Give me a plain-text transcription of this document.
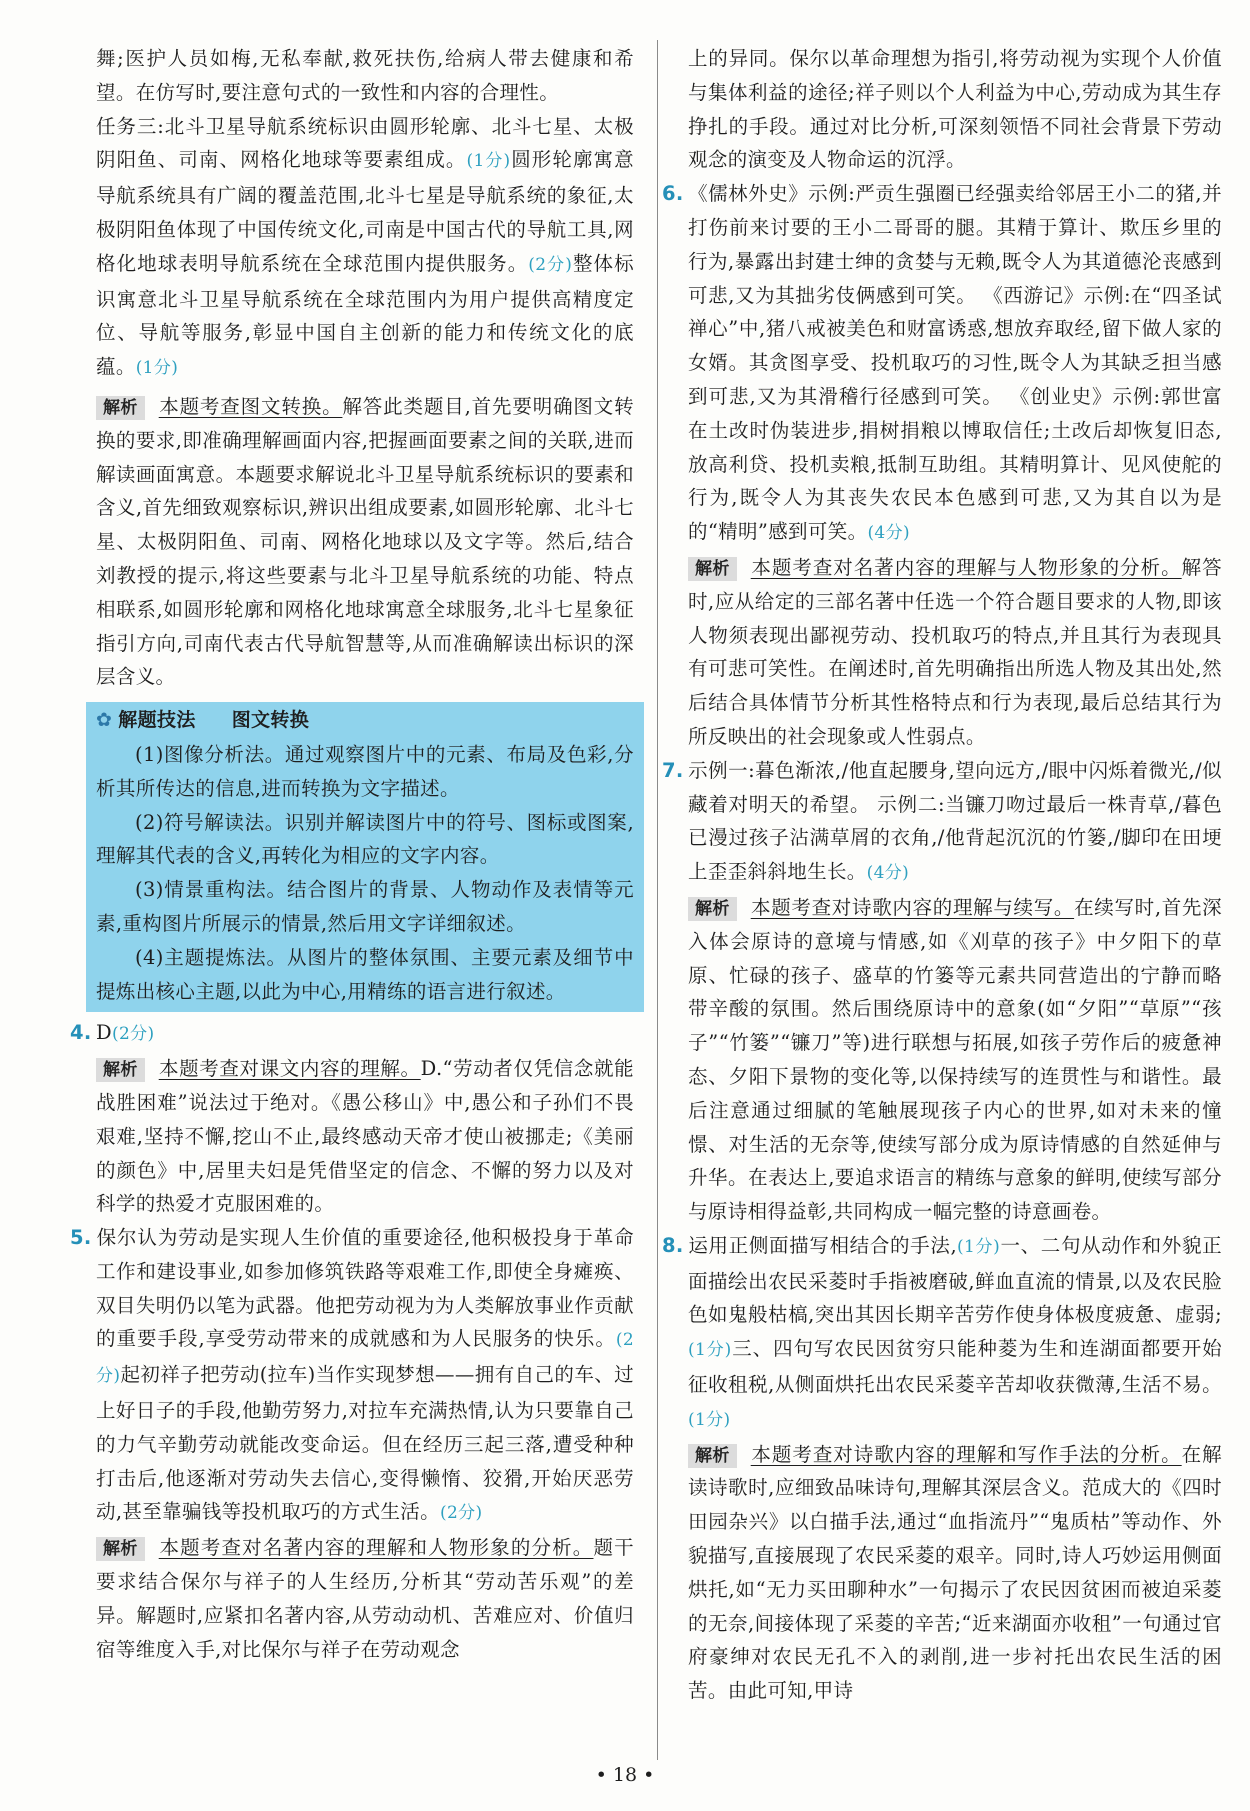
舞;医护人员如梅,无私奉献,救死扶伤,给病人带去健康和希望。在仿写时,要注意句式的一致性和内容的合理性。

任务三:北斗卫星导航系统标识由圆形轮廓、北斗七星、太极阴阳鱼、司南、网格化地球等要素组成。(1分)圆形轮廓寓意导航系统具有广阔的覆盖范围,北斗七星是导航系统的象征,太极阴阳鱼体现了中国传统文化,司南是中国古代的导航工具,网格化地球表明导航系统在全球范围内提供服务。(2分)整体标识寓意北斗卫星导航系统在全球范围内为用户提供高精度定位、导航等服务,彰显中国自主创新的能力和传统文化的底蕴。(1分)

解析 本题考查图文转换。解答此类题目,首先要明确图文转换的要求,即准确理解画面内容,把握画面要素之间的关联,进而解读画面寓意。本题要求解说北斗卫星导航系统标识的要素和含义,首先细致观察标识,辨识出组成要素,如圆形轮廓、北斗七星、太极阴阳鱼、司南、网格化地球以及文字等。然后,结合刘教授的提示,将这些要素与北斗卫星导航系统的功能、特点相联系,如圆形轮廓和网格化地球寓意全球服务,北斗七星象征指引方向,司南代表古代导航智慧等,从而准确解读出标识的深层含义。

✿ 解题技法 图文转换

(1)图像分析法。通过观察图片中的元素、布局及色彩,分析其所传达的信息,进而转换为文字描述。

(2)符号解读法。识别并解读图片中的符号、图标或图案,理解其代表的含义,再转化为相应的文字内容。

(3)情景重构法。结合图片的背景、人物动作及表情等元素,重构图片所展示的情景,然后用文字详细叙述。

(4)主题提炼法。从图片的整体氛围、主要元素及细节中提炼出核心主题,以此为中心,用精练的语言进行叙述。

4. D(2分)

解析 本题考查对课文内容的理解。D.“劳动者仅凭信念就能战胜困难”说法过于绝对。《愚公移山》中,愚公和子孙们不畏艰难,坚持不懈,挖山不止,最终感动天帝才使山被挪走;《美丽的颜色》中,居里夫妇是凭借坚定的信念、不懈的努力以及对科学的热爱才克服困难的。

5. 保尔认为劳动是实现人生价值的重要途径,他积极投身于革命工作和建设事业,如参加修筑铁路等艰难工作,即使全身瘫痪、双目失明仍以笔为武器。他把劳动视为为人类解放事业作贡献的重要手段,享受劳动带来的成就感和为人民服务的快乐。(2分)起初祥子把劳动(拉车)当作实现梦想——拥有自己的车、过上好日子的手段,他勤劳努力,对拉车充满热情,认为只要靠自己的力气辛勤劳动就能改变命运。但在经历三起三落,遭受种种打击后,他逐渐对劳动失去信心,变得懒惰、狡猾,开始厌恶劳动,甚至靠骗钱等投机取巧的方式生活。(2分)

解析 本题考查对名著内容的理解和人物形象的分析。题干要求结合保尔与祥子的人生经历,分析其“劳动苦乐观”的差异。解题时,应紧扣名著内容,从劳动动机、苦难应对、价值归宿等维度入手,对比保尔与祥子在劳动观念

上的异同。保尔以革命理想为指引,将劳动视为实现个人价值与集体利益的途径;祥子则以个人利益为中心,劳动成为其生存挣扎的手段。通过对比分析,可深刻领悟不同社会背景下劳动观念的演变及人物命运的沉浮。

6. 《儒林外史》示例:严贡生强圈已经强卖给邻居王小二的猪,并打伤前来讨要的王小二哥哥的腿。其精于算计、欺压乡里的行为,暴露出封建士绅的贪婪与无赖,既令人为其道德沦丧感到可悲,又为其拙劣伎俩感到可笑。 《西游记》示例:在“四圣试禅心”中,猪八戒被美色和财富诱惑,想放弃取经,留下做人家的女婿。其贪图享受、投机取巧的习性,既令人为其缺乏担当感到可悲,又为其滑稽行径感到可笑。 《创业史》示例:郭世富在土改时伪装进步,捐树捐粮以博取信任;土改后却恢复旧态,放高利贷、投机卖粮,抵制互助组。其精明算计、见风使舵的行为,既令人为其丧失农民本色感到可悲,又为其自以为是的“精明”感到可笑。(4分)

解析 本题考查对名著内容的理解与人物形象的分析。解答时,应从给定的三部名著中任选一个符合题目要求的人物,即该人物须表现出鄙视劳动、投机取巧的特点,并且其行为表现具有可悲可笑性。在阐述时,首先明确指出所选人物及其出处,然后结合具体情节分析其性格特点和行为表现,最后总结其行为所反映出的社会现象或人性弱点。

7. 示例一:暮色渐浓,/他直起腰身,望向远方,/眼中闪烁着微光,/似藏着对明天的希望。 示例二:当镰刀吻过最后一株青草,/暮色已漫过孩子沾满草屑的衣角,/他背起沉沉的竹篓,/脚印在田埂上歪歪斜斜地生长。(4分)

解析 本题考查对诗歌内容的理解与续写。在续写时,首先深入体会原诗的意境与情感,如《刈草的孩子》中夕阳下的草原、忙碌的孩子、盛草的竹篓等元素共同营造出的宁静而略带辛酸的氛围。然后围绕原诗中的意象(如“夕阳”“草原”“孩子”“竹篓”“镰刀”等)进行联想与拓展,如孩子劳作后的疲惫神态、夕阳下景物的变化等,以保持续写的连贯性与和谐性。最后注意通过细腻的笔触展现孩子内心的世界,如对未来的憧憬、对生活的无奈等,使续写部分成为原诗情感的自然延伸与升华。在表达上,要追求语言的精练与意象的鲜明,使续写部分与原诗相得益彰,共同构成一幅完整的诗意画卷。

8. 运用正侧面描写相结合的手法,(1分)一、二句从动作和外貌正面描绘出农民采菱时手指被磨破,鲜血直流的情景,以及农民脸色如鬼般枯槁,突出其因长期辛苦劳作使身体极度疲惫、虚弱;(1分)三、四句写农民因贫穷只能种菱为生和连湖面都要开始征收租税,从侧面烘托出农民采菱辛苦却收获微薄,生活不易。(1分)

解析 本题考查对诗歌内容的理解和写作手法的分析。在解读诗歌时,应细致品味诗句,理解其深层含义。范成大的《四时田园杂兴》以白描手法,通过“血指流丹”“鬼质枯”等动作、外貌描写,直接展现了农民采菱的艰辛。同时,诗人巧妙运用侧面烘托,如“无力买田聊种水”一句揭示了农民因贫困而被迫采菱的无奈,间接体现了采菱的辛苦;“近来湖面亦收租”一句通过官府豪绅对农民无孔不入的剥削,进一步衬托出农民生活的困苦。由此可知,甲诗

• 18 •
